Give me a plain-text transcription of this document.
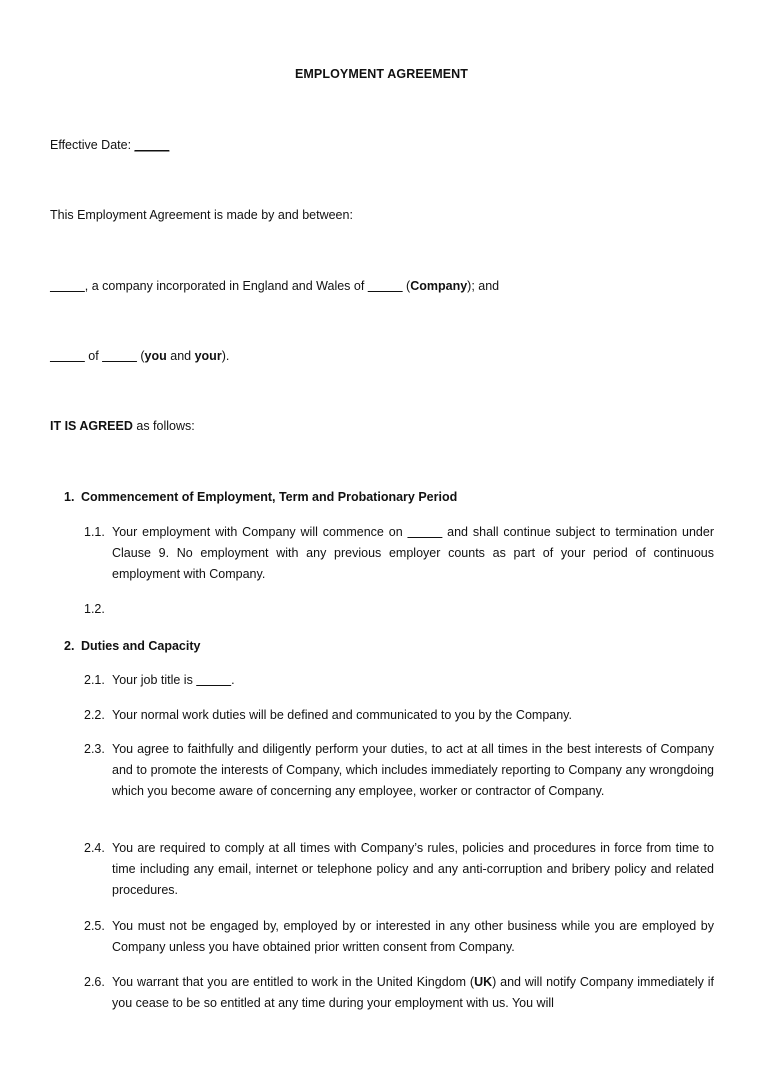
EMPLOYMENT AGREEMENT
Effective Date: _____
This Employment Agreement is made by and between:
_____, a company incorporated in England and Wales of _____ (Company); and
_____ of _____ (you and your).
IT IS AGREED as follows:
1. Commencement of Employment, Term and Probationary Period
1.1. Your employment with Company will commence on _____ and shall continue subject to termination under Clause 9. No employment with any previous employer counts as part of your period of continuous employment with Company.
1.2.
2. Duties and Capacity
2.1. Your job title is _____.
2.2. Your normal work duties will be defined and communicated to you by the Company.
2.3. You agree to faithfully and diligently perform your duties, to act at all times in the best interests of Company and to promote the interests of Company, which includes immediately reporting to Company any wrongdoing which you become aware of concerning any employee, worker or contractor of Company.
2.4. You are required to comply at all times with Company’s rules, policies and procedures in force from time to time including any email, internet or telephone policy and any anti-corruption and bribery policy and related procedures.
2.5. You must not be engaged by, employed by or interested in any other business while you are employed by Company unless you have obtained prior written consent from Company.
2.6. You warrant that you are entitled to work in the United Kingdom (UK) and will notify Company immediately if you cease to be so entitled at any time during your employment with us. You will
